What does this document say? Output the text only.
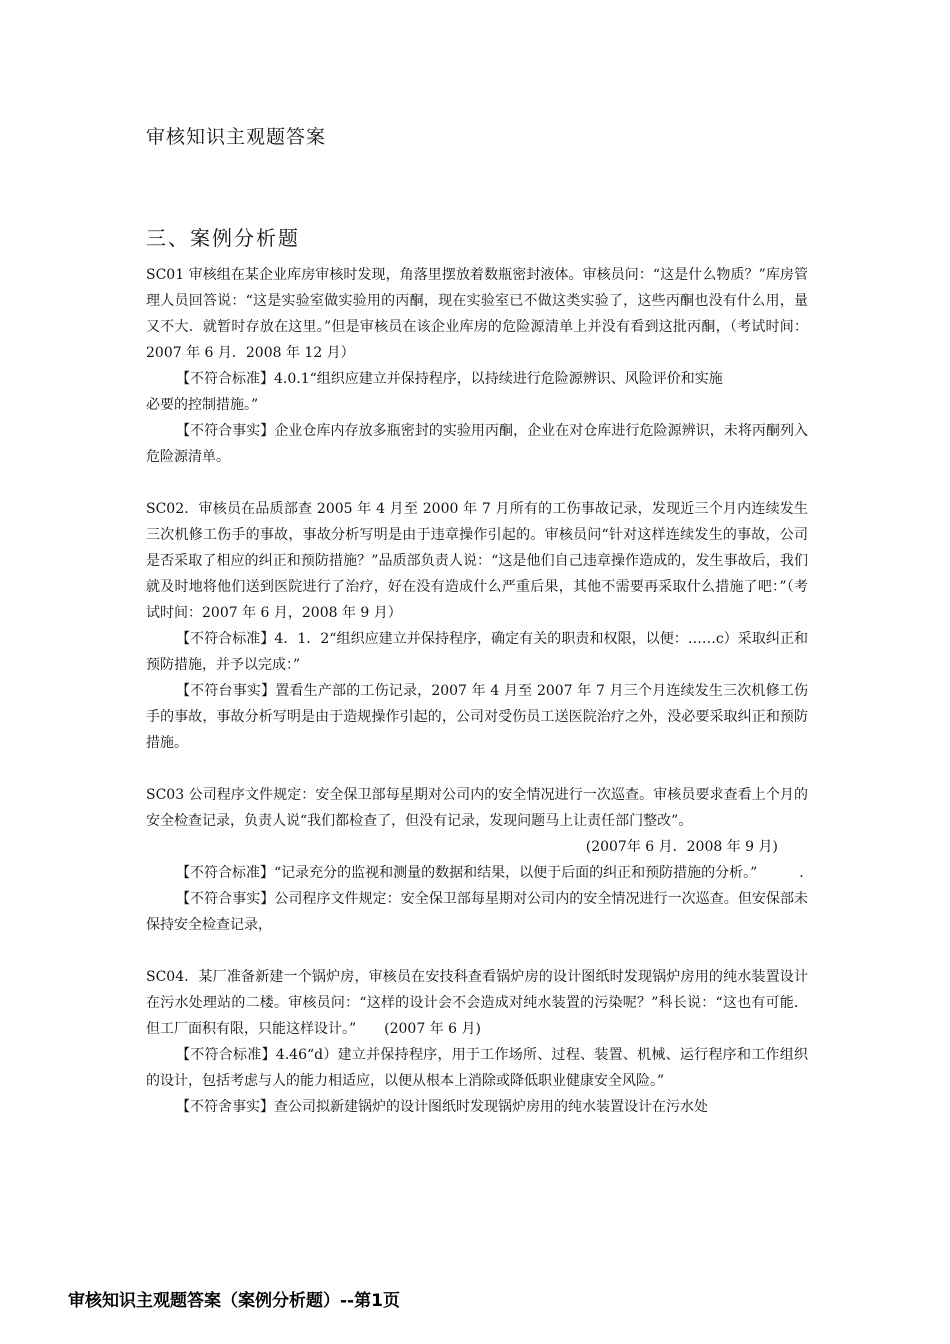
审核知识主观题答案
三、案例分析题

SC01 审核组在某企业库房审核时发现，角落里摆放着数瓶密封液体。审核员问：“这是什么物质？”库房管理人员回答说：“这是实验室做实验用的丙酮，现在实验室已不做这类实验了，这些丙酮也没有什么用，量又不大．就暂时存放在这里。”但是审核员在该企业库房的危险源清单上并没有看到这批丙酮，（考试时间：2007 年 6 月．2008 年 12 月）

【不符合标准】4.0.1“组织应建立并保持程序，以持续进行危险源辨识、风险评价和实施

必要的控制措施。”

【不符合事实】企业仓库内存放多瓶密封的实验用丙酮，企业在对仓库进行危险源辨识，未将丙酮列入危险源清单。

SC02．审核员在品质部查 2005 年 4 月至 2000 年 7 月所有的工伤事故记录，发现近三个月内连续发生三次机修工伤手的事故，事故分析写明是由于违章操作引起的。审核员问“针对这样连续发生的事故，公司是否采取了相应的纠正和预防措施？”品质部负责人说：“这是他们自己违章操作造成的，发生事故后，我们就及时地将他们送到医院进行了治疗，好在没有造成什么严重后果，其他不需要再采取什么措施了吧：”（考试时间：2007 年 6 月，2008 年 9 月）

【不符合标准】4．1．2“组织应建立并保持程序，确定有关的职责和权限，以便：……c）采取纠正和预防措施，并予以完成：”

【不符台事实】置看生产部的工伤记录，2007 年 4 月至 2007 年 7 月三个月连续发生三次机修工伤手的事故，事故分析写明是由于造规操作引起的，公司对受伤员工送医院治疗之外，没必要采取纠正和预防措施。

SC03 公司程序文件规定：安全保卫部每星期对公司内的安全情况进行一次巡查。审核员要求查看上个月的安全检查记录，负责人说“我们都检查了，但没有记录，发现问题马上让责任部门整改”。

(2007年 6 月．2008 年 9 月)

【不符合标准】“记录充分的监视和测量的数据和结果，以便于后面的纠正和预防措施的分析。”　　　.

【不符合事实】公司程序文件规定：安全保卫部每星期对公司内的安全情况进行一次巡查。但安保部未保持安全检查记录，

SC04．某厂准备新建一个锅炉房，审核员在安技科查看锅炉房的设计图纸时发现锅炉房用的纯水装置设计在污水处理站的二楼。审核员问：“这样的设计会不会造成对纯水装置的污染呢？”科长说：“这也有可能．但工厂面积有限，只能这样设计。”　　(2007 年 6 月)

【不符合标准】4.46“d）建立并保持程序，用于工作场所、过程、装置、机械、运行程序和工作组织的设计，包括考虑与人的能力相适应，以便从根本上消除或降低职业健康安全风险。”

【不符舍事实】查公司拟新建锅炉的设计图纸时发现锅炉房用的纯水装置设计在污水处

审核知识主观题答案（案例分析题）--第1页
